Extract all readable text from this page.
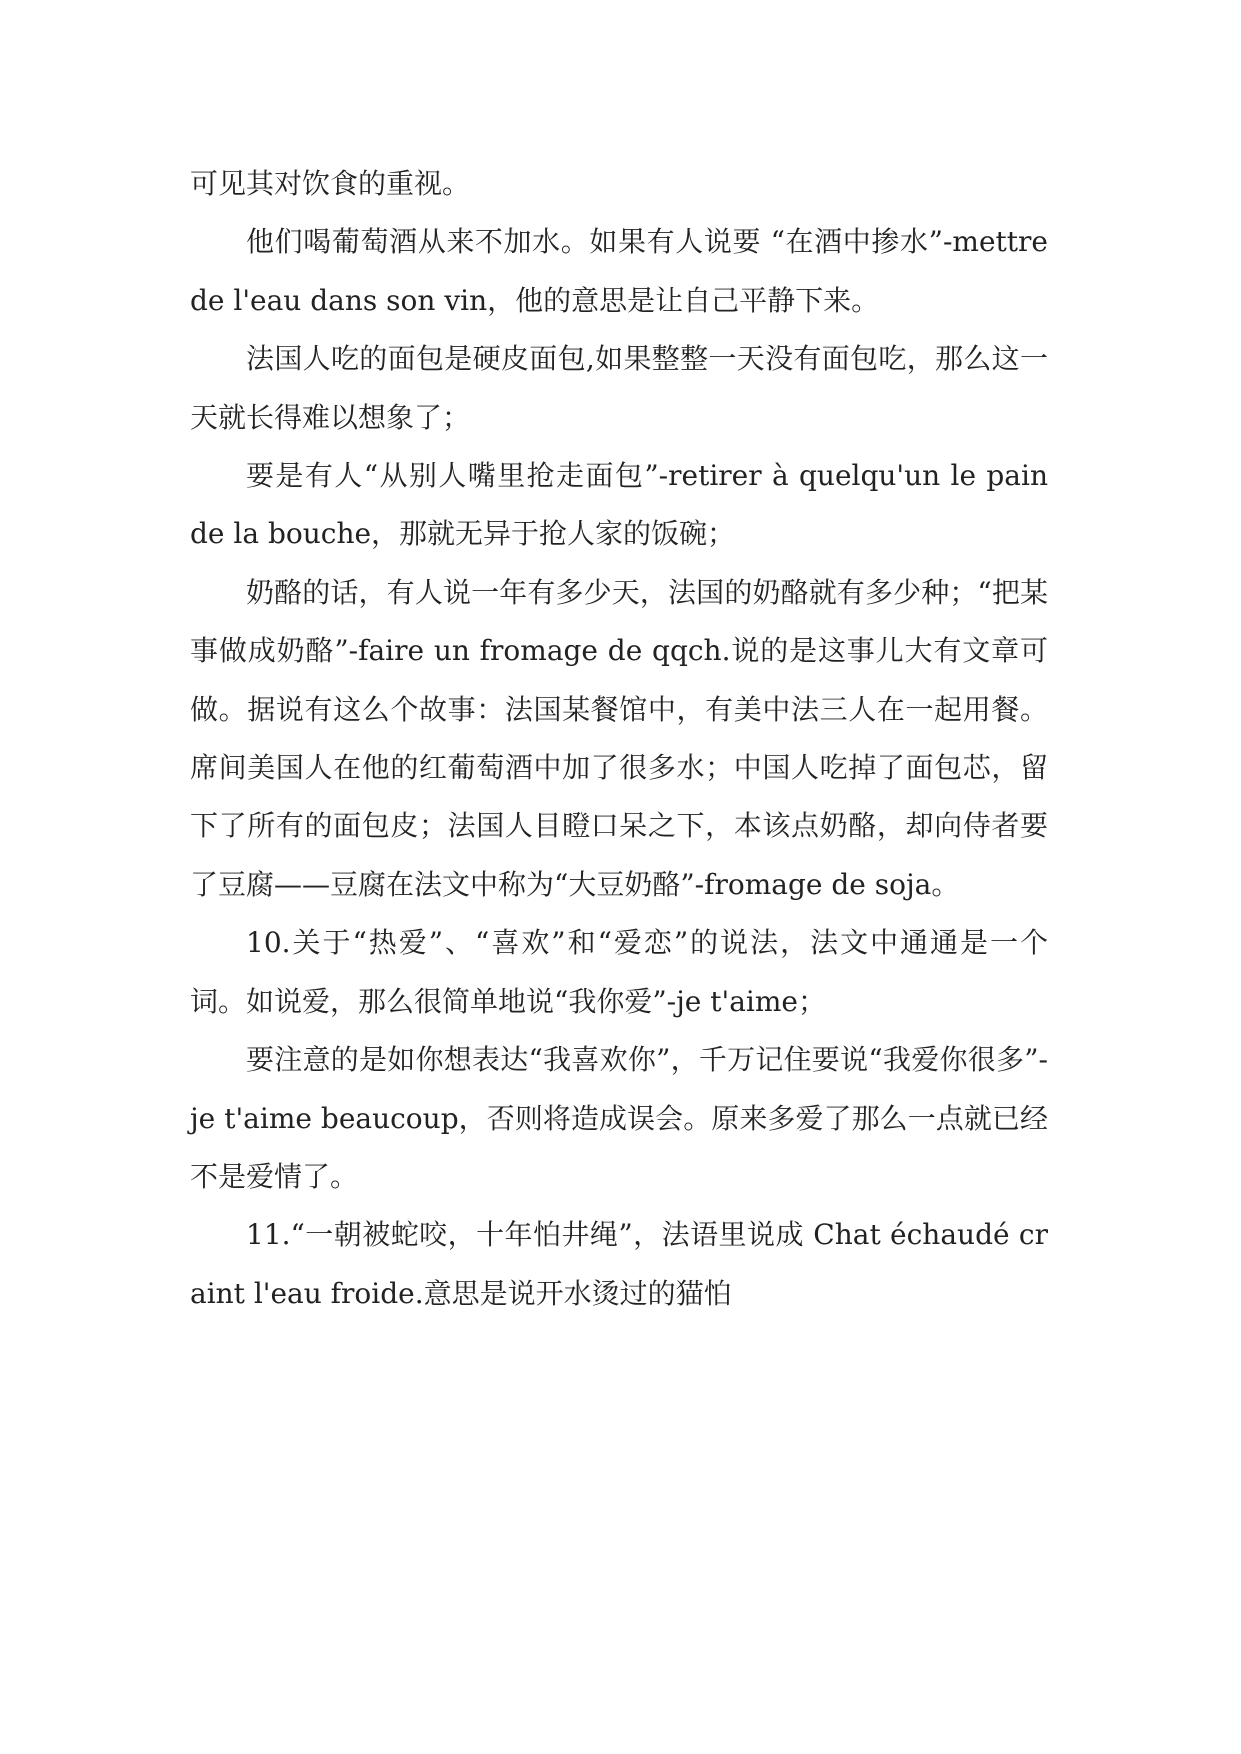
可见其对饮食的重视。

他们喝葡萄酒从来不加水。如果有人说要 “在酒中掺水”-mettre de l'eau dans son vin，他的意思是让自己平静下来。

法国人吃的面包是硬皮面包,如果整整一天没有面包吃，那么这一天就长得难以想象了；

要是有人“从别人嘴里抢走面包”-retirer à quelqu'un le pain de la bouche，那就无异于抢人家的饭碗；

奶酪的话，有人说一年有多少天，法国的奶酪就有多少种；“把某事做成奶酪”-faire un fromage de qqch.说的是这事儿大有文章可做。据说有这么个故事：法国某餐馆中，有美中法三人在一起用餐。席间美国人在他的红葡萄酒中加了很多水；中国人吃掉了面包芯，留下了所有的面包皮；法国人目瞪口呆之下，本该点奶酪，却向侍者要了豆腐——豆腐在法文中称为“大豆奶酪”-fromage de soja。

10.关于“热爱”、“喜欢”和“爱恋”的说法，法文中通通是一个词。如说爱，那么很简单地说“我你爱”-je t'aime；

要注意的是如你想表达“我喜欢你”，千万记住要说“我爱你很多”-je t'aime beaucoup，否则将造成误会。原来多爱了那么一点就已经不是爱情了。

11.“一朝被蛇咬，十年怕井绳”，法语里说成 Chat échaudé craint l'eau froide.意思是说开水烫过的猫怕
